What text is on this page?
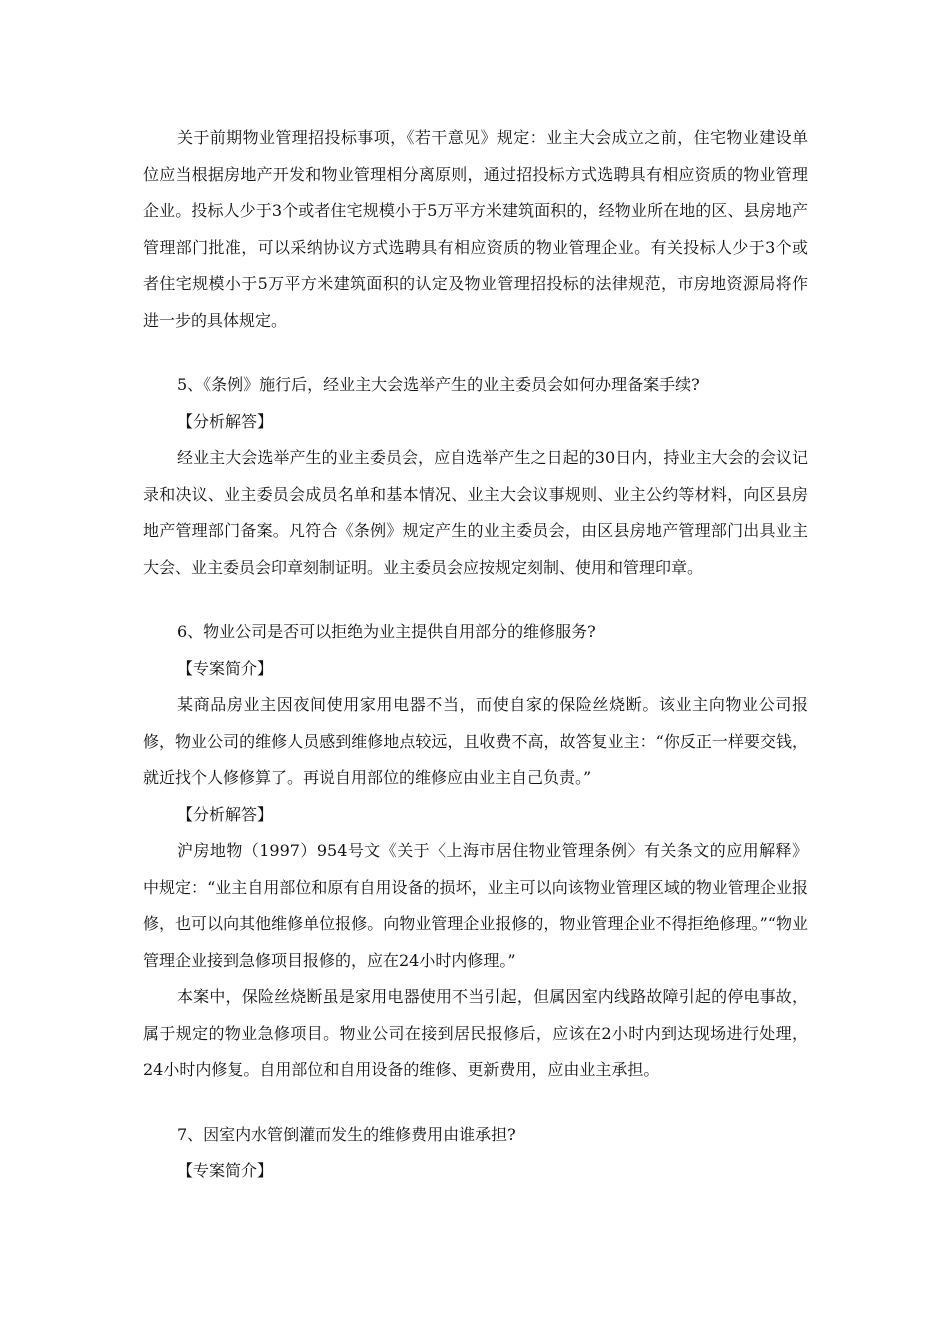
关于前期物业管理招投标事项，《若干意见》规定：业主大会成立之前，住宅物业建设单位应当根据房地产开发和物业管理相分离原则，通过招投标方式选聘具有相应资质的物业管理企业。投标人少于3个或者住宅规模小于5万平方米建筑面积的，经物业所在地的区、县房地产管理部门批准，可以采纳协议方式选聘具有相应资质的物业管理企业。有关投标人少于3个或者住宅规模小于5万平方米建筑面积的认定及物业管理招投标的法律规范，市房地资源局将作进一步的具体规定。

5、《条例》施行后，经业主大会选举产生的业主委员会如何办理备案手续?

【分析解答】

经业主大会选举产生的业主委员会，应自选举产生之日起的30日内，持业主大会的会议记录和决议、业主委员会成员名单和基本情况、业主大会议事规则、业主公约等材料，向区县房地产管理部门备案。凡符合《条例》规定产生的业主委员会，由区县房地产管理部门出具业主大会、业主委员会印章刻制证明。业主委员会应按规定刻制、使用和管理印章。

6、物业公司是否可以拒绝为业主提供自用部分的维修服务?

【专案简介】

某商品房业主因夜间使用家用电器不当，而使自家的保险丝烧断。该业主向物业公司报修，物业公司的维修人员感到维修地点较远，且收费不高，故答复业主：“你反正一样要交钱，就近找个人修修算了。再说自用部位的维修应由业主自己负责。”

【分析解答】

沪房地物（1997）954号文《关于〈上海市居住物业管理条例〉有关条文的应用解释》中规定：“业主自用部位和原有自用设备的损坏，业主可以向该物业管理区域的物业管理企业报修，也可以向其他维修单位报修。向物业管理企业报修的，物业管理企业不得拒绝修理。”“物业管理企业接到急修项目报修的，应在24小时内修理。”

本案中，保险丝烧断虽是家用电器使用不当引起，但属因室内线路故障引起的停电事故，属于规定的物业急修项目。物业公司在接到居民报修后，应该在2小时内到达现场进行处理，24小时内修复。自用部位和自用设备的维修、更新费用，应由业主承担。

7、因室内水管倒灌而发生的维修费用由谁承担?

【专案简介】
